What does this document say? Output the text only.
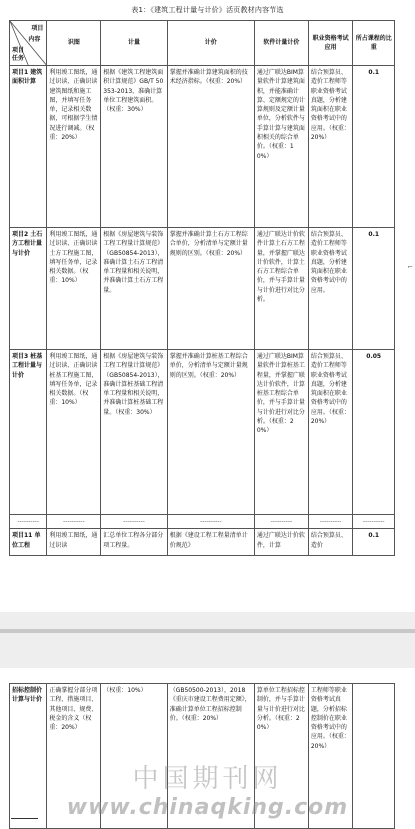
表1：《建筑工程计量与计价》活页教材内容节选
项目
内容
项目
任务	识图	计量	计价	软件计量计价	职业资格考试应用	所占课程的比重
项目1 建筑面积计算	利用竣工图纸，通过识读、正确识读建筑图纸和施工图，并填写任务单，记录相关数据，可根据学生情况进行调减。（权重：20%）	根据《建筑工程建筑面积计算规范》GB/T 50353-2013，准确计算单位工程建筑面积。（权重：30%）	掌握并准确计算建筑面积的技术经济指标。（权重：20%）	通过广联达BIM算量软件计算建筑面积，并能准确计算、定额规定的计算规则及定额计量单位，分析软件与手算计算与建筑面积相关的综合单价。（权重：10%）	结合预算员、造价工程师等职业资格考试真题，分析建筑面积在职业资格考试中的应用。（权重：20%）	0.1
项目2 土石方工程计量与计价	利用竣工图纸，通过识读、正确识读土方工程施工图，填写任务单，记录相关数据。（权重：10%）	根据《房屋建筑与装饰工程工程量计算规范》（GB50854-2013），准确计算土石方工程清单工程量和相关说明，并准确计算土石方工程量。	掌握并准确计算土石方工程综合单价，分析清单与定额计量规则的区别。（权重：20%）	通过广联达计价软件计算土石方工程量，并掌握广联达计价软件，计算土石方工程综合单价，并与手算计量与计价进行对比分析。	结合预算员、造价工程师等职业资格考试真题，分析建筑面积在职业资格考试中的应用。	0.1
项目3 桩基工程计量与计价	利用竣工图纸，通过识读、正确识读桩基工程施工图，填写任务单，记录相关数据。（权重：10%）	根据《房屋建筑与装饰工程工程量计算规范》（GB50854-2013），准确计算桩基础工程清单工程量和相关说明，并准确计算桩基础工程量。（权重：30%）	掌握并准确计算桩基工程综合单价，分析清单与定额计量规则的区别。（权重：20%）	通过广联达BIM算量软件计算桩基工程量，并掌握广联达计价软件，计算桩基工程综合单价，并与手算计量与计价进行对比分析。（权重：20%）	结合预算员、造价工程师等职业资格考试真题，分析建筑面积在职业资格考试中的应用。（权重：20%）	0.05
----------	----------	----------	----------	----------	----------	----------
项目11 单位工程	利用竣工图纸，通过识读	汇总单位工程各分部分项工程量。	根据《建设工程工程量清单计价规范》	通过广联达计价软件，计算	结合预算员、造价	0.1
⌐
招标控制价计算与计价	正确掌握分部分项工程、措施项目、其他项目、规费、税金的含义（权重：20%）	（权重：10%）	（GB50500-2013），2018《重庆市建设工程费用定额》，准确计算单位工程招标控制价。（权重：20%）	算单位工程招标控制价，并与手算计量与计价进行对比分析。（权重：20%）	工程师等职业资格考试真题，分析招标控制价在职业资格考试中的应用。（权重：20%）	
中国期刊网
www.chinaqking.com
